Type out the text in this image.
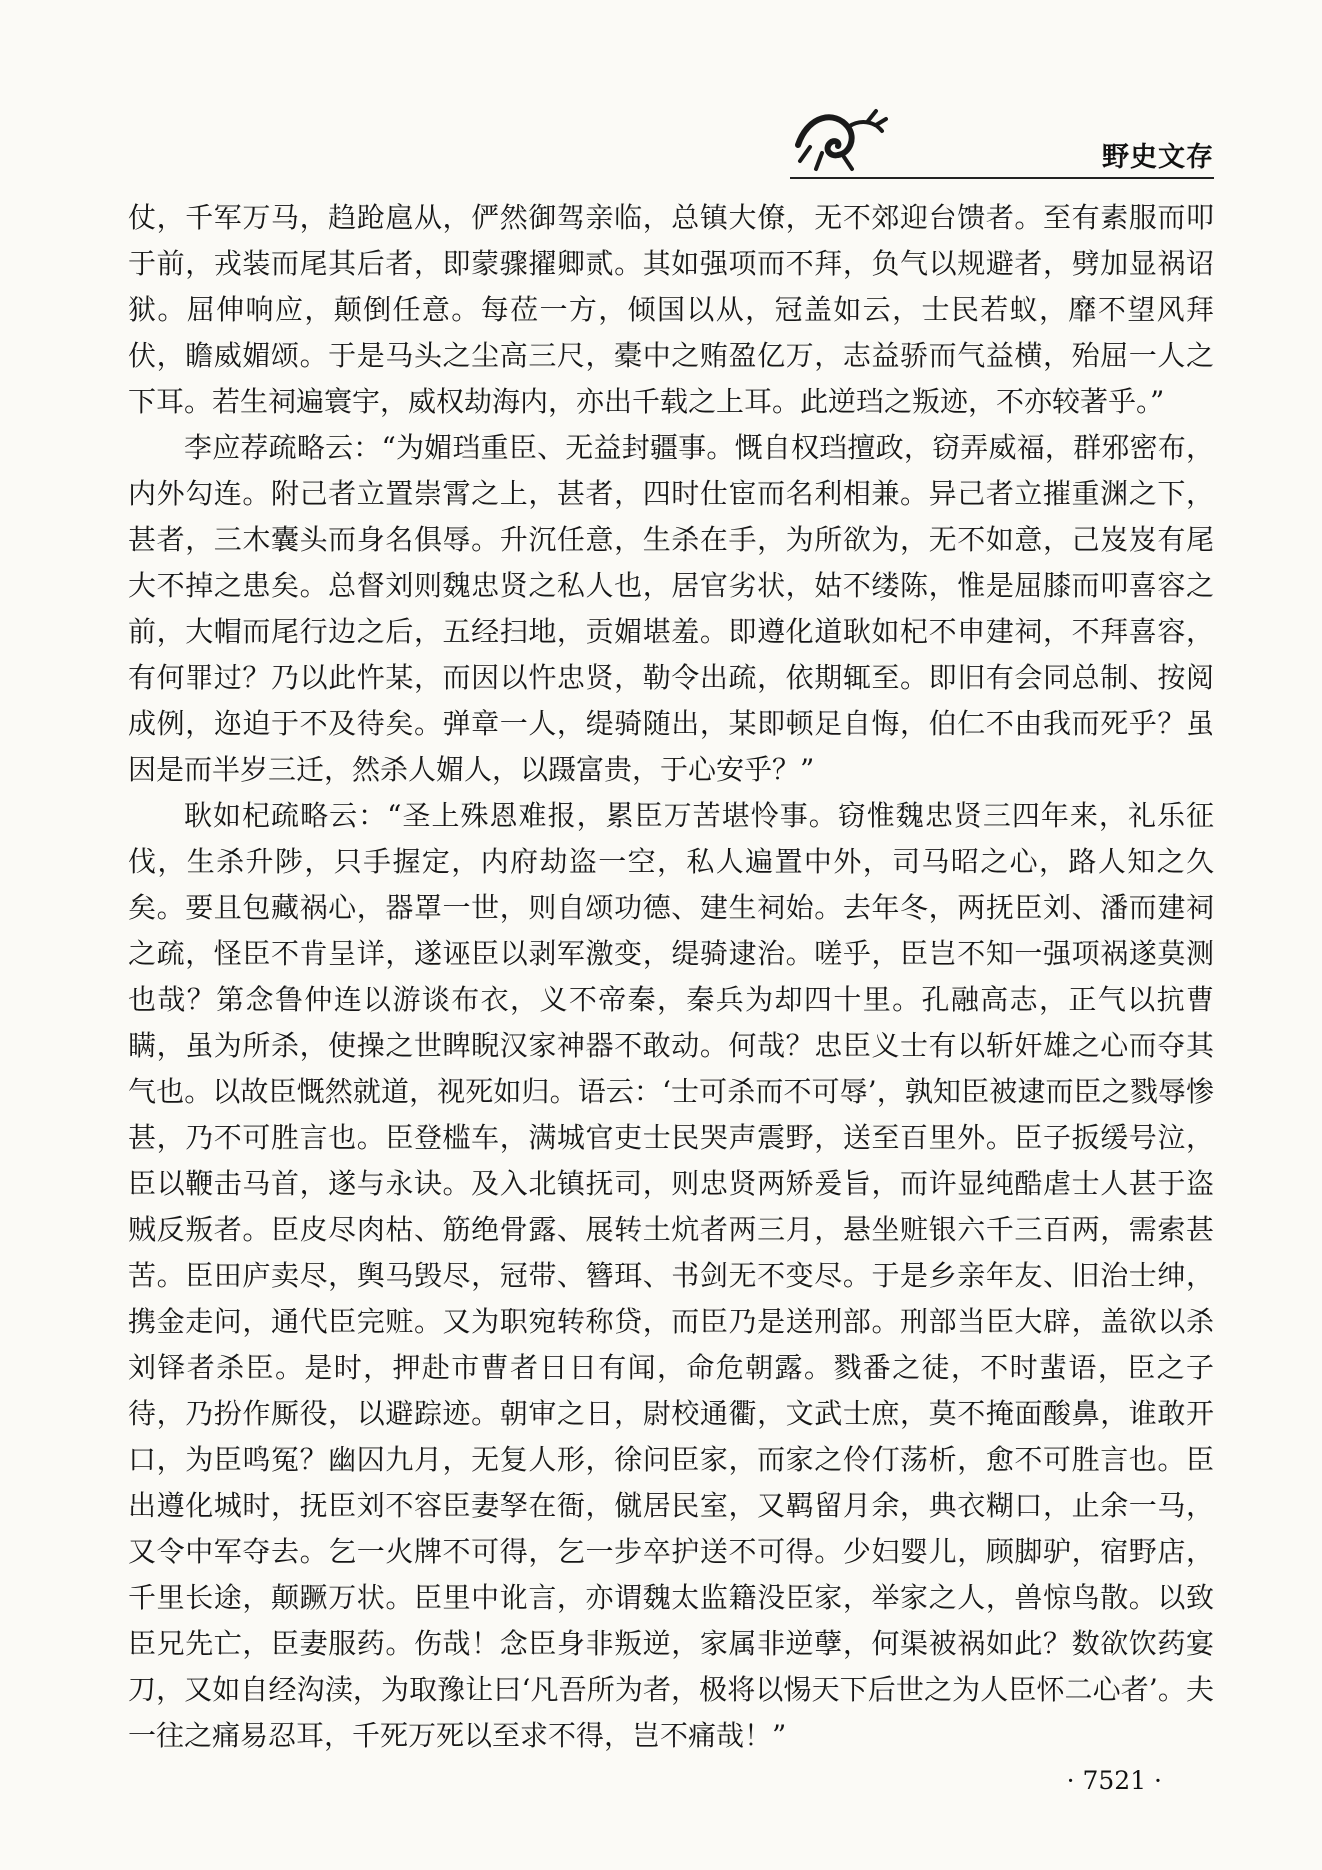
野史文存

仗，千军万马，趋跄扈从，俨然御驾亲临，总镇大僚，无不郊迎台馈者。至有素服而叩于前，戎装而尾其后者，即蒙骤擢卿贰。其如强项而不拜，负气以规避者，劈加显祸诏狱。屈伸响应，颠倒任意。每莅一方，倾国以从，冠盖如云，士民若蚁，靡不望风拜伏，瞻威媚颂。于是马头之尘高三尺，橐中之贿盈亿万，志益骄而气益横，殆屈一人之下耳。若生祠遍寰宇，威权劫海内，亦出千载之上耳。此逆珰之叛迹，不亦较著乎。”

李应荐疏略云：“为媚珰重臣、无益封疆事。慨自权珰擅政，窃弄威福，群邪密布，内外勾连。附己者立置崇霄之上，甚者，四时仕宦而名利相兼。异己者立摧重渊之下，甚者，三木囊头而身名俱辱。升沉任意，生杀在手，为所欲为，无不如意，己岌岌有尾大不掉之患矣。总督刘则魏忠贤之私人也，居官劣状，姑不缕陈，惟是屈膝而叩喜容之前，大帽而尾行边之后，五经扫地，贡媚堪羞。即遵化道耿如杞不申建祠，不拜喜容，有何罪过？乃以此忤某，而因以忤忠贤，勒令出疏，依期辄至。即旧有会同总制、按阅成例，迩迫于不及待矣。弹章一人，缇骑随出，某即顿足自悔，伯仁不由我而死乎？虽因是而半岁三迁，然杀人媚人，以蹑富贵，于心安乎？”

耿如杞疏略云：“圣上殊恩难报，累臣万苦堪怜事。窃惟魏忠贤三四年来，礼乐征伐，生杀升陟，只手握定，内府劫盗一空，私人遍置中外，司马昭之心，路人知之久矣。要且包藏祸心，器罩一世，则自颂功德、建生祠始。去年冬，两抚臣刘、潘而建祠之疏，怪臣不肯呈详，遂诬臣以剥军激变，缇骑逮治。嗟乎，臣岂不知一强项祸遂莫测也哉？第念鲁仲连以游谈布衣，义不帝秦，秦兵为却四十里。孔融高志，正气以抗曹瞒，虽为所杀，使操之世睥睨汉家神器不敢动。何哉？忠臣义士有以斩奸雄之心而夺其气也。以故臣慨然就道，视死如归。语云：‘士可杀而不可辱’，孰知臣被逮而臣之戮辱惨甚，乃不可胜言也。臣登槛车，满城官吏士民哭声震野，送至百里外。臣子扳缓号泣，臣以鞭击马首，遂与永诀。及入北镇抚司，则忠贤两矫爰旨，而许显纯酷虐士人甚于盗贼反叛者。臣皮尽肉枯、筋绝骨露、展转土炕者两三月，悬坐赃银六千三百两，需索甚苦。臣田庐卖尽，舆马毁尽，冠带、簪珥、书剑无不变尽。于是乡亲年友、旧治士绅，携金走问，通代臣完赃。又为职宛转称贷，而臣乃是送刑部。刑部当臣大辟，盖欲以杀刘铎者杀臣。是时，押赴市曹者日日有闻，命危朝露。戮番之徒，不时蜚语，臣之子待，乃扮作厮役，以避踪迹。朝审之日，尉校通衢，文武士庶，莫不掩面酸鼻，谁敢开口，为臣鸣冤？幽囚九月，无复人形，徐问臣家，而家之伶仃荡析，愈不可胜言也。臣出遵化城时，抚臣刘不容臣妻孥在衙，僦居民室，又羁留月余，典衣糊口，止余一马，又令中军夺去。乞一火牌不可得，乞一步卒护送不可得。少妇婴儿，顾脚驴，宿野店，千里长途，颠蹶万状。臣里中讹言，亦谓魏太监籍没臣家，举家之人，兽惊鸟散。以致臣兄先亡，臣妻服药。伤哉！念臣身非叛逆，家属非逆孽，何渠被祸如此？数欲饮药宴刀，又如自经沟渎，为取豫让曰‘凡吾所为者，极将以惕天下后世之为人臣怀二心者’。夫一往之痛易忍耳，千死万死以至求不得，岂不痛哉！”

· 7521 ·
